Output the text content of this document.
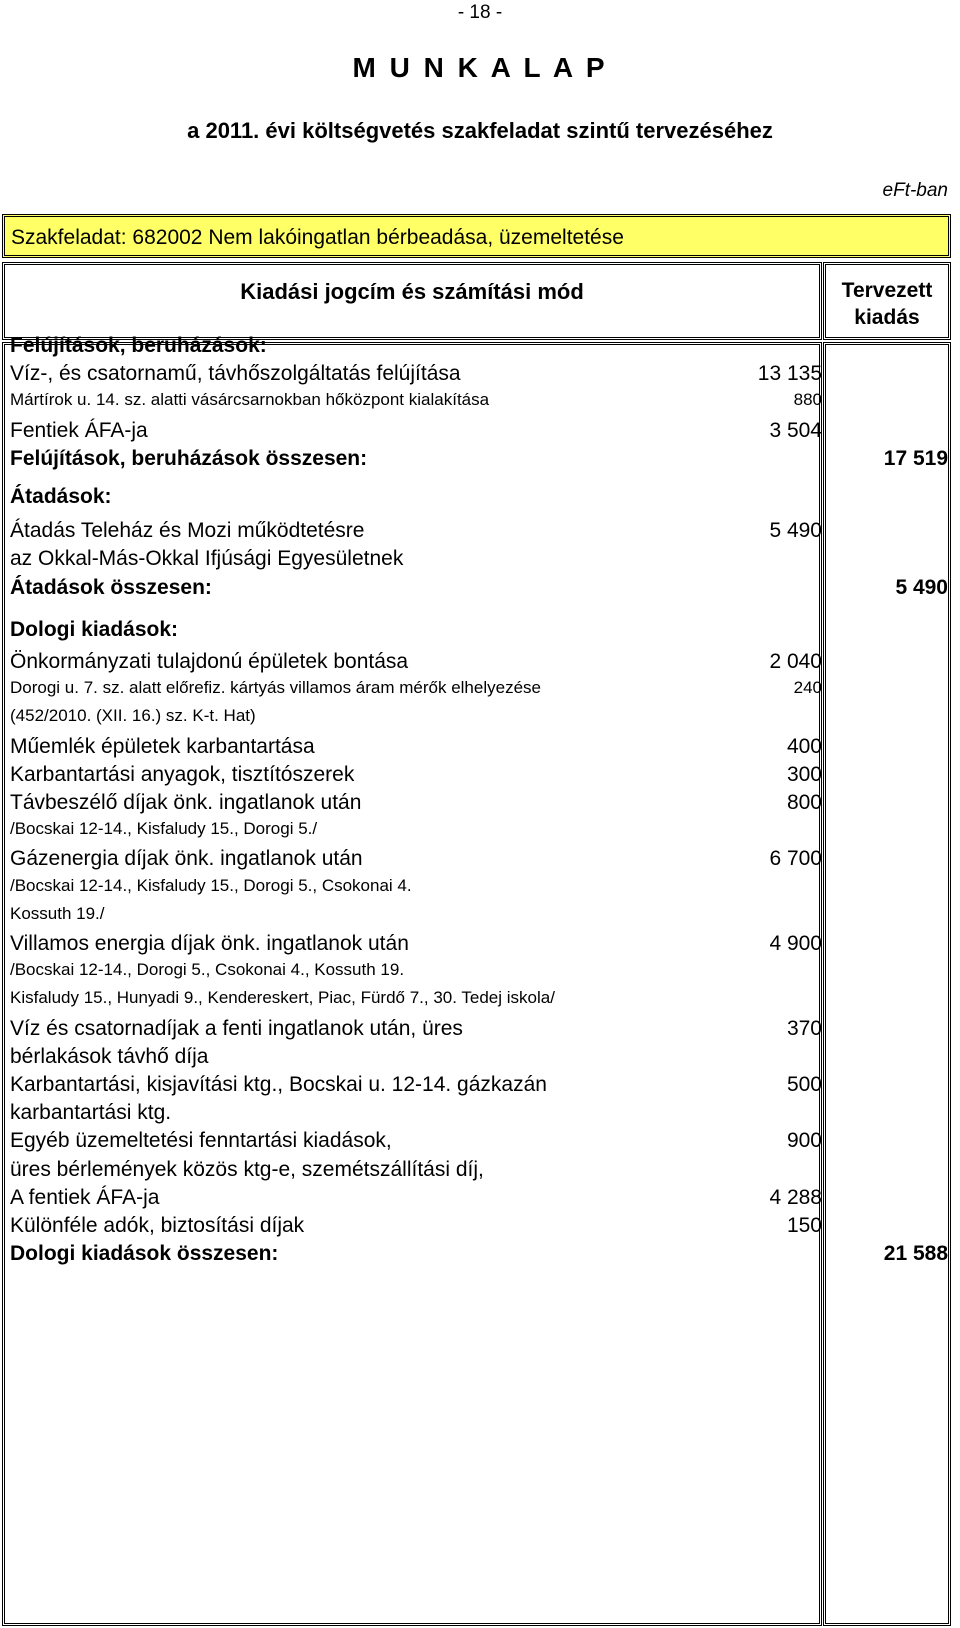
- 18 -
M U N K A L A P
a 2011. évi költségvetés szakfeladat szintű tervezéséhez
eFt-ban
Szakfeladat: 682002 Nem lakóingatlan bérbeadása, üzemeltetése
Kiadási jogcím és számítási mód	Tervezett
kiadás
Felújítások, beruházások:
Víz-, és csatornamű, távhőszolgáltatás felújítása	13 135
Mártírok u. 14. sz. alatti vásárcsarnokban hőközpont kialakítása	880
Fentiek ÁFA-ja	3 504
Felújítások, beruházások összesen:	17 519
Átadások:
Átadás Teleház és Mozi működtetésre	5 490
az Okkal-Más-Okkal Ifjúsági Egyesületnek
Átadások összesen:	5 490
Dologi kiadások:
Önkormányzati tulajdonú épületek bontása	2 040
Dorogi u. 7. sz. alatt előrefiz. kártyás villamos áram mérők elhelyezése	240
(452/2010. (XII. 16.) sz. K-t. Hat)
Műemlék épületek karbantartása	400
Karbantartási anyagok, tisztítószerek	300
Távbeszélő díjak önk. ingatlanok után	800
/Bocskai 12-14., Kisfaludy 15., Dorogi 5./
Gázenergia díjak önk. ingatlanok után	6 700
/Bocskai 12-14., Kisfaludy 15., Dorogi 5., Csokonai 4.
Kossuth 19./
Villamos energia díjak önk. ingatlanok után	4 900
/Bocskai 12-14., Dorogi 5., Csokonai 4., Kossuth 19.
Kisfaludy 15., Hunyadi 9., Kendereskert, Piac, Fürdő 7., 30. Tedej iskola/
Víz és csatornadíjak a fenti ingatlanok után, üres	370
bérlakások távhő díja
Karbantartási, kisjavítási ktg., Bocskai u. 12-14. gázkazán	500
karbantartási ktg.
Egyéb üzemeltetési fenntartási kiadások,	900
üres bérlemények közös ktg-e, szemétszállítási díj,
A fentiek ÁFA-ja	4 288
Különféle adók, biztosítási díjak	150
Dologi kiadások összesen:	21 588
